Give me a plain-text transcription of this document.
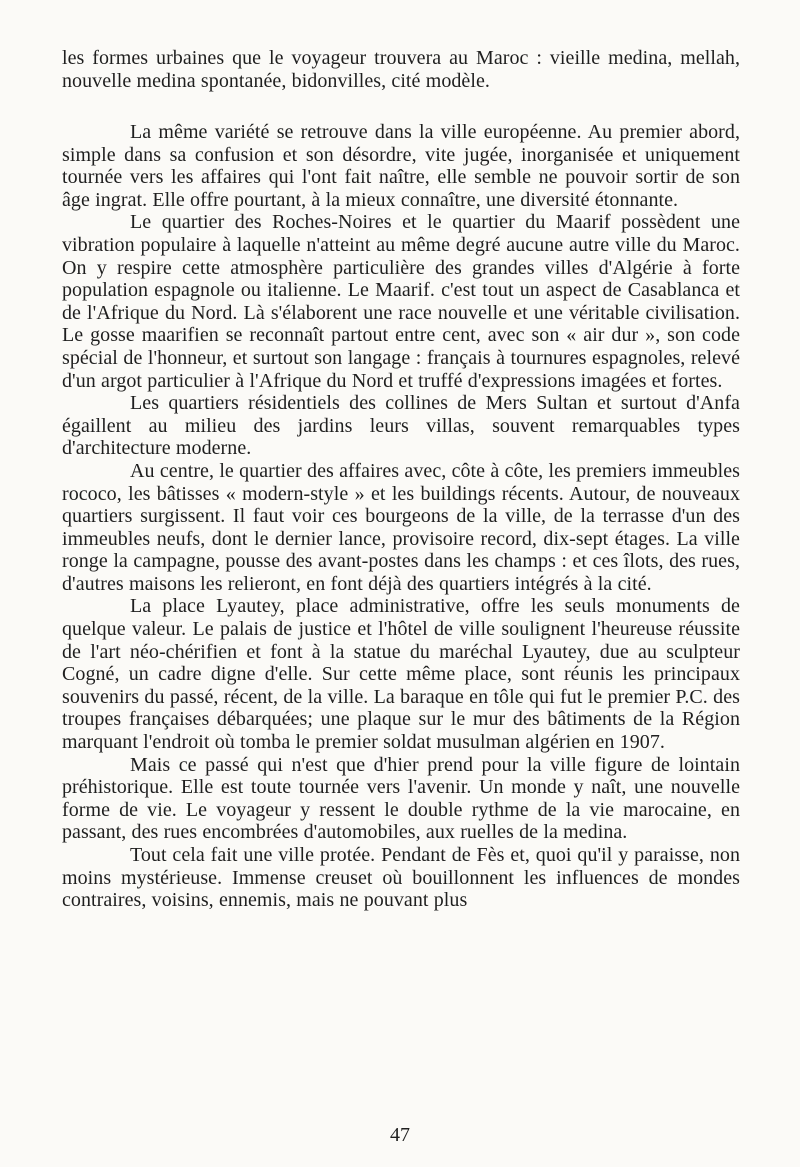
les formes urbaines que le voyageur trouvera au Maroc : vieille medina, mellah, nouvelle medina spontanée, bidonvilles, cité modèle.

La même variété se retrouve dans la ville européenne. Au premier abord, simple dans sa confusion et son désordre, vite jugée, inorganisée et uniquement tournée vers les affaires qui l'ont fait naître, elle semble ne pouvoir sortir de son âge ingrat. Elle offre pourtant, à la mieux connaître, une diversité étonnante.

Le quartier des Roches-Noires et le quartier du Maarif possèdent une vibration populaire à laquelle n'atteint au même degré aucune autre ville du Maroc. On y respire cette atmosphère particulière des grandes villes d'Algérie à forte population espagnole ou italienne. Le Maarif. c'est tout un aspect de Casablanca et de l'Afrique du Nord. Là s'élaborent une race nouvelle et une véritable civilisation. Le gosse maarifien se reconnaît partout entre cent, avec son « air dur », son code spécial de l'honneur, et surtout son langage : français à tournures espagnoles, relevé d'un argot particulier à l'Afrique du Nord et truffé d'expressions imagées et fortes.

Les quartiers résidentiels des collines de Mers Sultan et surtout d'Anfa égaillent au milieu des jardins leurs villas, souvent remarquables types d'architecture moderne.

Au centre, le quartier des affaires avec, côte à côte, les premiers immeubles rococo, les bâtisses « modern-style » et les buildings récents. Autour, de nouveaux quartiers surgissent. Il faut voir ces bourgeons de la ville, de la terrasse d'un des immeubles neufs, dont le dernier lance, provisoire record, dix-sept étages. La ville ronge la campagne, pousse des avant-postes dans les champs : et ces îlots, des rues, d'autres maisons les relieront, en font déjà des quartiers intégrés à la cité.

La place Lyautey, place administrative, offre les seuls monuments de quelque valeur. Le palais de justice et l'hôtel de ville soulignent l'heureuse réussite de l'art néo-chérifien et font à la statue du maréchal Lyautey, due au sculpteur Cogné, un cadre digne d'elle. Sur cette même place, sont réunis les principaux souvenirs du passé, récent, de la ville. La baraque en tôle qui fut le premier P.C. des troupes françaises débarquées; une plaque sur le mur des bâtiments de la Région marquant l'endroit où tomba le premier soldat musulman algérien en 1907.

Mais ce passé qui n'est que d'hier prend pour la ville figure de lointain préhistorique. Elle est toute tournée vers l'avenir. Un monde y naît, une nouvelle forme de vie. Le voyageur y ressent le double rythme de la vie marocaine, en passant, des rues encombrées d'automobiles, aux ruelles de la medina.

Tout cela fait une ville protée. Pendant de Fès et, quoi qu'il y paraisse, non moins mystérieuse. Immense creuset où bouillonnent les influences de mondes contraires, voisins, ennemis, mais ne pouvant plus

47
